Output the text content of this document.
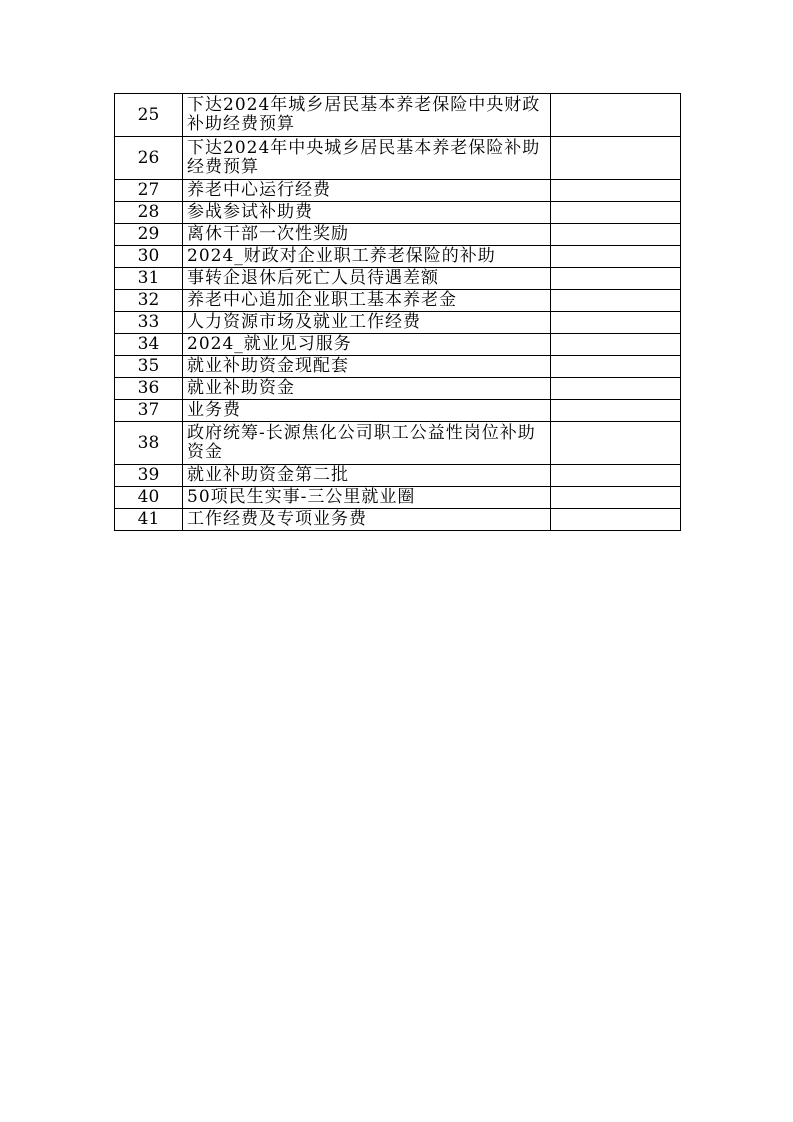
25	下达2024年城乡居民基本养老保险中央财政补助经费预算	
26	下达2024年中央城乡居民基本养老保险补助经费预算	
27	养老中心运行经费	
28	参战参试补助费	
29	离休干部一次性奖励	
30	2024_财政对企业职工养老保险的补助	
31	事转企退休后死亡人员待遇差额	
32	养老中心追加企业职工基本养老金	
33	人力资源市场及就业工作经费	
34	2024_就业见习服务	
35	就业补助资金现配套	
36	就业补助资金	
37	业务费	
38	政府统筹-长源焦化公司职工公益性岗位补助资金	
39	就业补助资金第二批	
40	50项民生实事-三公里就业圈	
41	工作经费及专项业务费	
